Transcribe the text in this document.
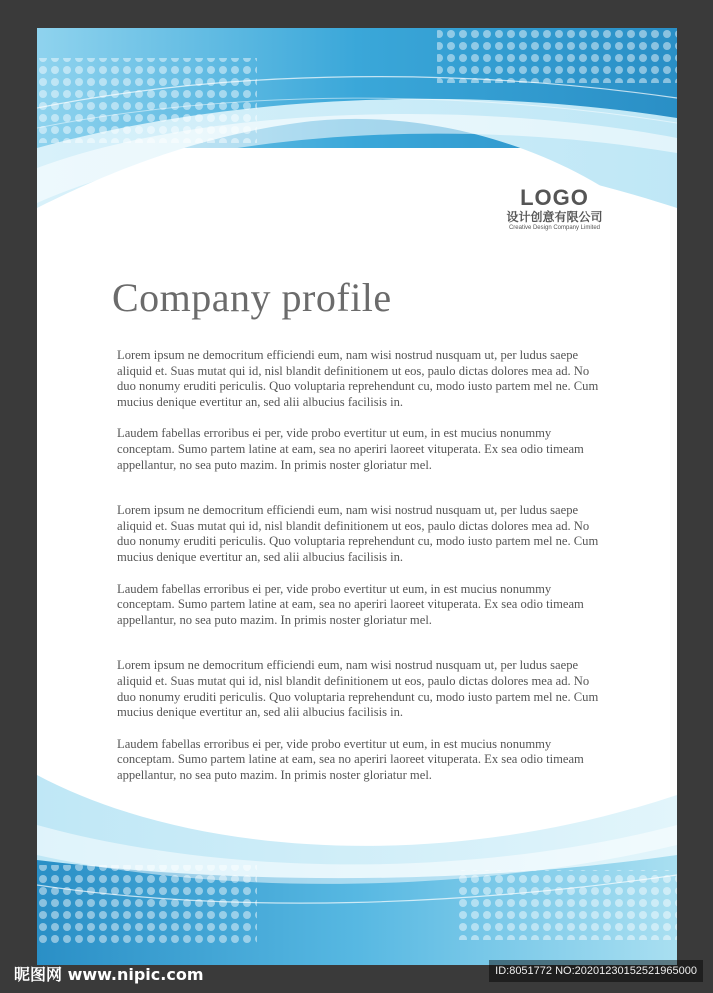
LOGO
设计创意有限公司
Creative Design Company Limited
Company profile

Lorem ipsum ne democritum efficiendi eum, nam wisi nostrud nusquam ut, per ludus saepe aliquid et. Suas mutat qui id, nisl blandit definitionem ut eos, paulo dictas dolores mea ad. No duo nonumy eruditi periculis. Quo voluptaria reprehendunt cu, modo iusto partem mel ne. Cum mucius denique evertitur an, sed alii albucius facilisis in.

Laudem fabellas erroribus ei per, vide probo evertitur ut eum, in est mucius nonummy conceptam. Sumo partem latine at eam, sea no aperiri laoreet vituperata. Ex sea odio timeam appellantur, no sea puto mazim. In primis noster gloriatur mel.

Lorem ipsum ne democritum efficiendi eum, nam wisi nostrud nusquam ut, per ludus saepe aliquid et. Suas mutat qui id, nisl blandit definitionem ut eos, paulo dictas dolores mea ad. No duo nonumy eruditi periculis. Quo voluptaria reprehendunt cu, modo iusto partem mel ne. Cum mucius denique evertitur an, sed alii albucius facilisis in.

Laudem fabellas erroribus ei per, vide probo evertitur ut eum, in est mucius nonummy conceptam. Sumo partem latine at eam, sea no aperiri laoreet vituperata. Ex sea odio timeam appellantur, no sea puto mazim. In primis noster gloriatur mel.

Lorem ipsum ne democritum efficiendi eum, nam wisi nostrud nusquam ut, per ludus saepe aliquid et. Suas mutat qui id, nisl blandit definitionem ut eos, paulo dictas dolores mea ad. No duo nonumy eruditi periculis. Quo voluptaria reprehendunt cu, modo iusto partem mel ne. Cum mucius denique evertitur an, sed alii albucius facilisis in.

Laudem fabellas erroribus ei per, vide probo evertitur ut eum, in est mucius nonummy conceptam. Sumo partem latine at eam, sea no aperiri laoreet vituperata. Ex sea odio timeam appellantur, no sea puto mazim. In primis noster gloriatur mel.

昵图网 www.nipic.com	ID:8051772 NO:20201230152521965000
